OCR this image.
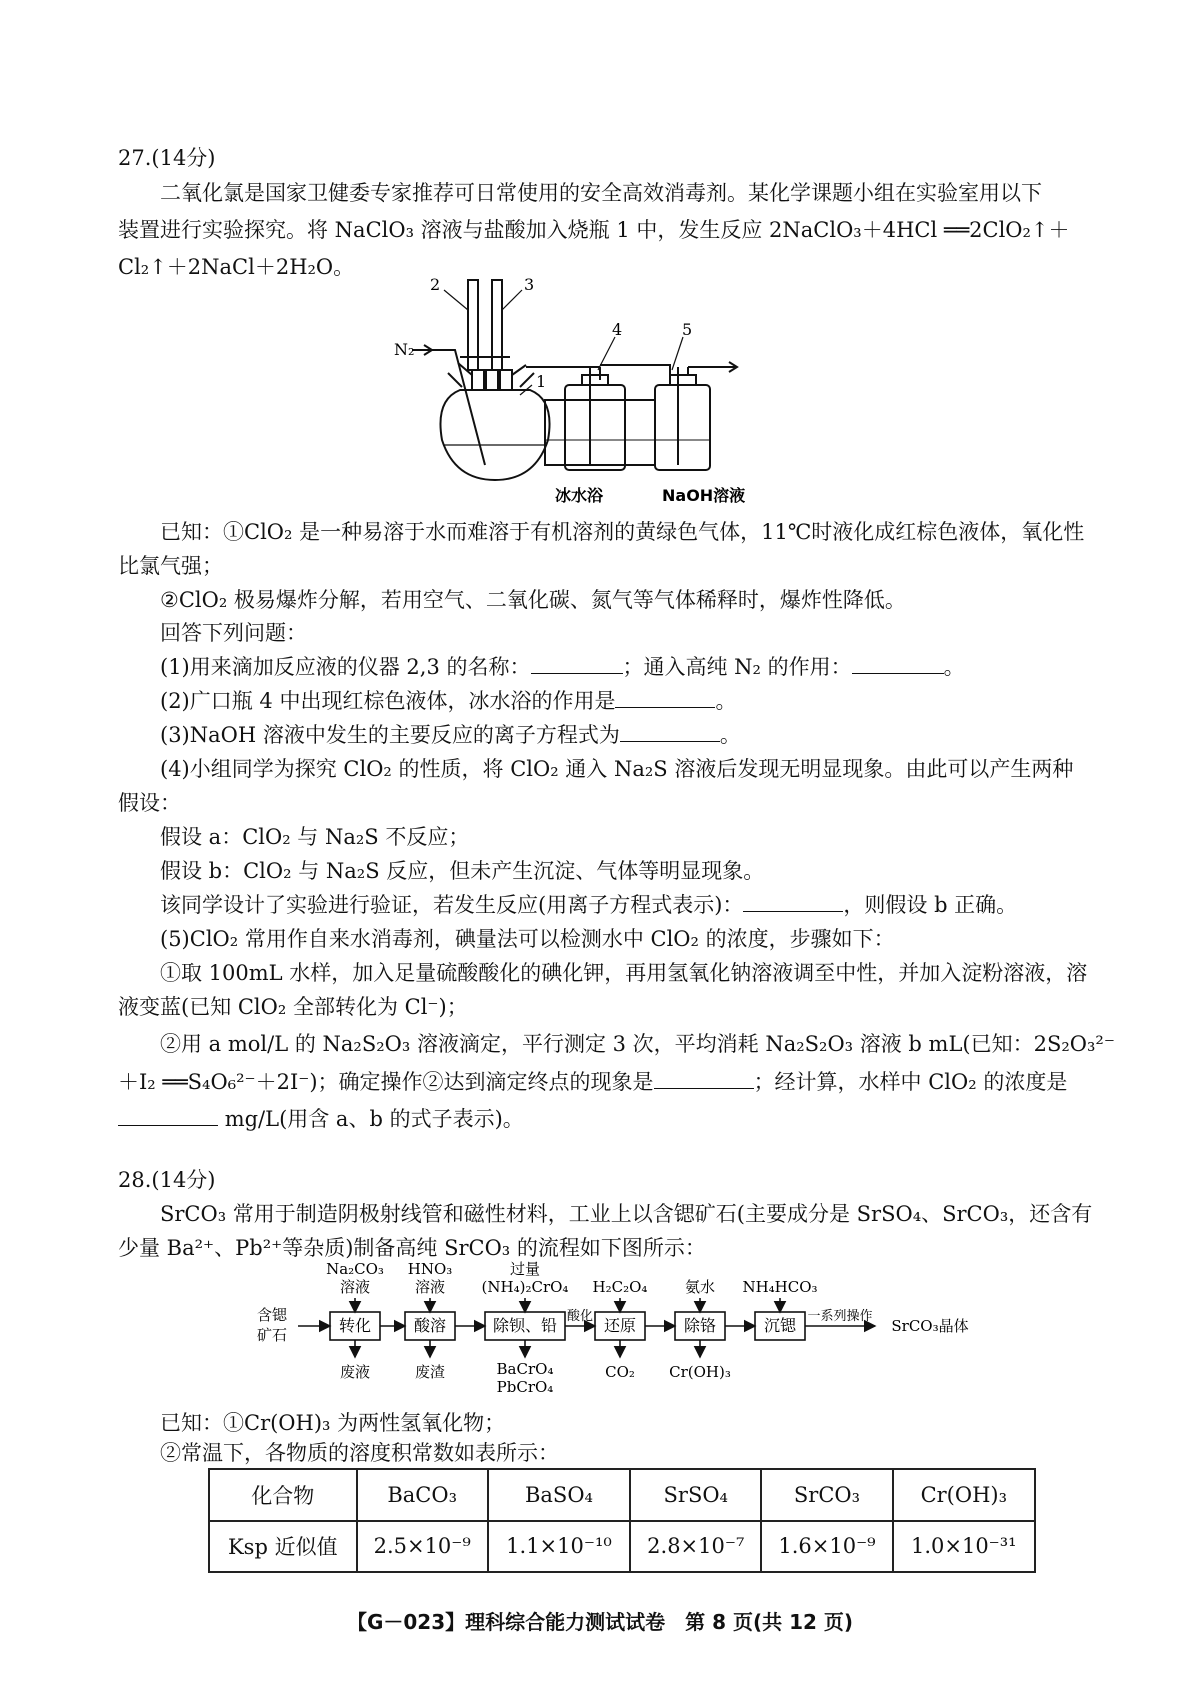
27.(14分)
二氧化氯是国家卫健委专家推荐可日常使用的安全高效消毒剂。某化学课题小组在实验室用以下
装置进行实验探究。将 NaClO₃ 溶液与盐酸加入烧瓶 1 中，发生反应 2NaClO₃＋4HCl ══2ClO₂↑＋
Cl₂↑＋2NaCl＋2H₂O。
N₂
2	3
4	5
1
冰水浴	NaOH溶液
已知：①ClO₂ 是一种易溶于水而难溶于有机溶剂的黄绿色气体，11℃时液化成红棕色液体，氧化性
比氯气强；
②ClO₂ 极易爆炸分解，若用空气、二氧化碳、氮气等气体稀释时，爆炸性降低。
回答下列问题：
(1)用来滴加反应液的仪器 2,3 的名称：	；通入高纯 N₂ 的作用：	。
(2)广口瓶 4 中出现红棕色液体，冰水浴的作用是	。
(3)NaOH 溶液中发生的主要反应的离子方程式为	。
(4)小组同学为探究 ClO₂ 的性质，将 ClO₂ 通入 Na₂S 溶液后发现无明显现象。由此可以产生两种
假设：
假设 a：ClO₂ 与 Na₂S 不反应；
假设 b：ClO₂ 与 Na₂S 反应，但未产生沉淀、气体等明显现象。
该同学设计了实验进行验证，若发生反应(用离子方程式表示)：	，则假设 b 正确。
(5)ClO₂ 常用作自来水消毒剂，碘量法可以检测水中 ClO₂ 的浓度，步骤如下：
①取 100mL 水样，加入足量硫酸酸化的碘化钾，再用氢氧化钠溶液调至中性，并加入淀粉溶液，溶
液变蓝(已知 ClO₂ 全部转化为 Cl⁻)；
②用 a mol/L 的 Na₂S₂O₃ 溶液滴定，平行测定 3 次，平均消耗 Na₂S₂O₃ 溶液 b mL(已知：2S₂O₃²⁻
＋I₂ ══S₄O₆²⁻＋2I⁻)；确定操作②达到滴定终点的现象是	；经计算，水样中 ClO₂ 的浓度是
mg/L(用含 a、b 的式子表示)。
28.(14分)
SrCO₃ 常用于制造阴极射线管和磁性材料，工业上以含锶矿石(主要成分是 SrSO₄、SrCO₃，还含有
少量 Ba²⁺、Pb²⁺等杂质)制备高纯 SrCO₃ 的流程如下图所示：
含锶
矿石	转化	酸溶	除钡、铅	还原	除铬	沉锶
Na₂CO₃
溶液
HNO₃
溶液
过量
(NH₄)₂CrO₄ H₂C₂O₄	氨水 NH₄HCO₃
废液	废渣	BaCrO₄
PbCrO₄
CO₂ Cr(OH)₃
酸化	一系列操作
SrCO₃晶体
已知：①Cr(OH)₃ 为两性氢氧化物；
②常温下，各物质的溶度积常数如表所示：
化合物	BaCO₃	BaSO₄	SrSO₄	SrCO₃	Cr(OH)₃
Ksp 近似值	2.5×10⁻⁹	1.1×10⁻¹⁰	2.8×10⁻⁷	1.6×10⁻⁹	1.0×10⁻³¹
【G－023】理科综合能力测试试卷　第 8 页(共 12 页)
